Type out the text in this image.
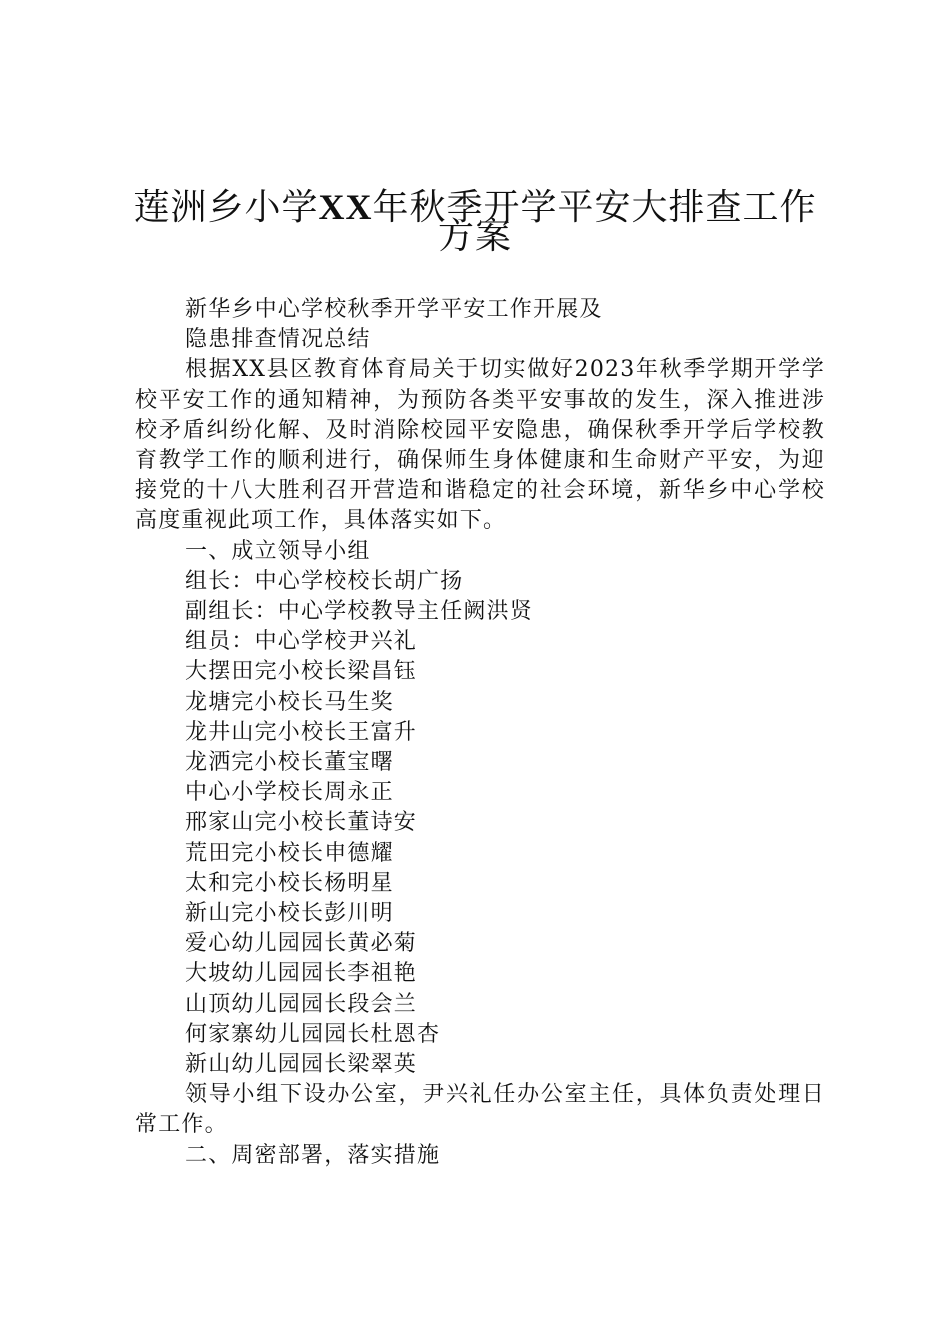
莲洲乡小学XX年秋季开学平安大排查工作
方案

新华乡中心学校秋季开学平安工作开展及

隐患排查情况总结

根据XX县区教育体育局关于切实做好2023年秋季学期开学学校平安工作的通知精神，为预防各类平安事故的发生，深入推进涉校矛盾纠纷化解、及时消除校园平安隐患，确保秋季开学后学校教育教学工作的顺利进行，确保师生身体健康和生命财产平安，为迎接党的十八大胜利召开营造和谐稳定的社会环境，新华乡中心学校高度重视此项工作，具体落实如下。

一、成立领导小组

组长：中心学校校长胡广扬

副组长：中心学校教导主任阙洪贤

组员：中心学校尹兴礼

大摆田完小校长梁昌钰

龙塘完小校长马生奖

龙井山完小校长王富升

龙洒完小校长董宝曙

中心小学校长周永正

邢家山完小校长董诗安

荒田完小校长申德耀

太和完小校长杨明星

新山完小校长彭川明

爱心幼儿园园长黄必菊

大坡幼儿园园长李祖艳

山顶幼儿园园长段会兰

何家寨幼儿园园长杜恩杏

新山幼儿园园长梁翠英

领导小组下设办公室，尹兴礼任办公室主任，具体负责处理日常工作。

二、周密部署，落实措施
